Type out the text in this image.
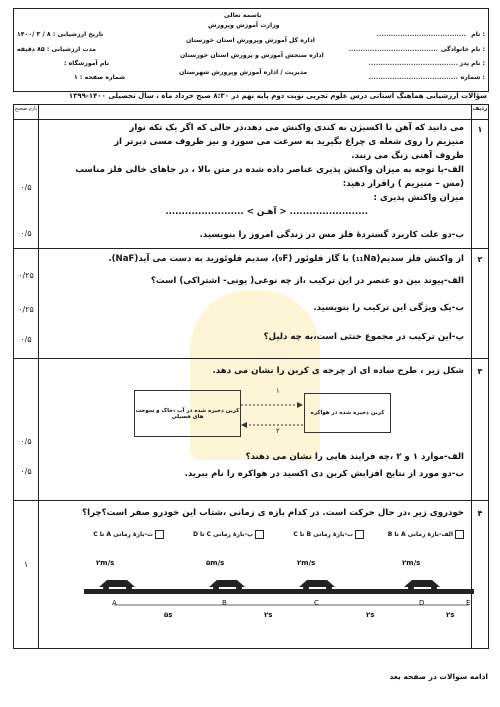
باسمه تعالی
وزارت آموزش وپرورش
اداره کل آموزش وپرورش استان خوزستان
اداره سنجش آموزش و پرورش استان خوزستان
مدیریت / اداره آموزش وپرورش شهرستان
نام :
......................................
نام خانوادگی :
......................................
نام پدر :
......................................
شماره :
......................................
تاریخ ارزشیابی : ۸ / ۳ /۱۴۰۰
مدت ارزشیابی : ۸۵ دقیقه
نام آموزشگاه :
شماره صفحه : ۱
سؤالات ارزشیابی هماهنگ استانی درس علوم تجربی نوبت دوم پایه نهم در ۸:۳۰ صبح خرداد ماه ، سال تحصیلی ۱۴۰۰-۱۳۹۹
ردیف
بارم صحیح
۱
می دانید که آهن با اکسیژن به کندی واکنش می دهد،در حالی که اگر یک تکه نوار
منیزیم را روی شعله ی چراغ بگیرید به سرعت می سوزد و نیز ظروف مسی دیرتر از
ظروف آهنی زنگ می زنند.
الف-با توجه به میزان واکنش پذیری عناصر داده شده در متن بالا ، در جاهای خالی فلز مناسب
(مس – منیزیم ) راقرار دهید:
میزان واکنش پذیری :
........................ < آهـن > ........................
ب-دو علت کاربرد گستردهٔ فلز مس در زندگی امروز را بنویسید.
۰/۵
۰/۵
۲
از واکنش فلز سدیم(₁₁Na) با گاز فلوئور (₉F)، سدیم فلوئورید به دست می آید(NaF).
الف-پیوند بین دو عنصر در این ترکیب ،از چه نوعی( یونی- اشتراکی) است؟
ب-یک ویژگی این ترکیب را بنویسید.
پ-این ترکیب در مجموع خنثی است،به چه دلیل؟
۰/۲۵
۰/۲۵
۰/۵
۳
شکل زیر ، طرح ساده ای از چرخه ی کربن را نشان می دهد.
کربن ذخیره شده در آب ،خاک و سوخت های فسیلی
کربن ذخیره شده در هواکره
۱
۲
الف-موارد ۱ و ۲ ،چه فرایند هایی را نشان می دهند؟
ب-دو مورد از نتایج افزایش کربن دی اکسید در هواکره را نام ببرید.
۰/۵
۰/۵
۴
خودروی زیر ،در حال حرکت است. در کدام بازه ی زمانی ،شتاب این خودرو صفر است؟چرا؟
الف-بازهٔ زمانی A تا B
ب-بازهٔ زمانی B تا C
پ-بازهٔ زمانی C تا D
ت-بازهٔ زمانی A تا C
۱	۲m/s	۵m/s	۲m/s	۲m/s
A	B	C	D	E
۵s	۲s	۲s	۲s
ادامه سوالات در صفحه بعد
